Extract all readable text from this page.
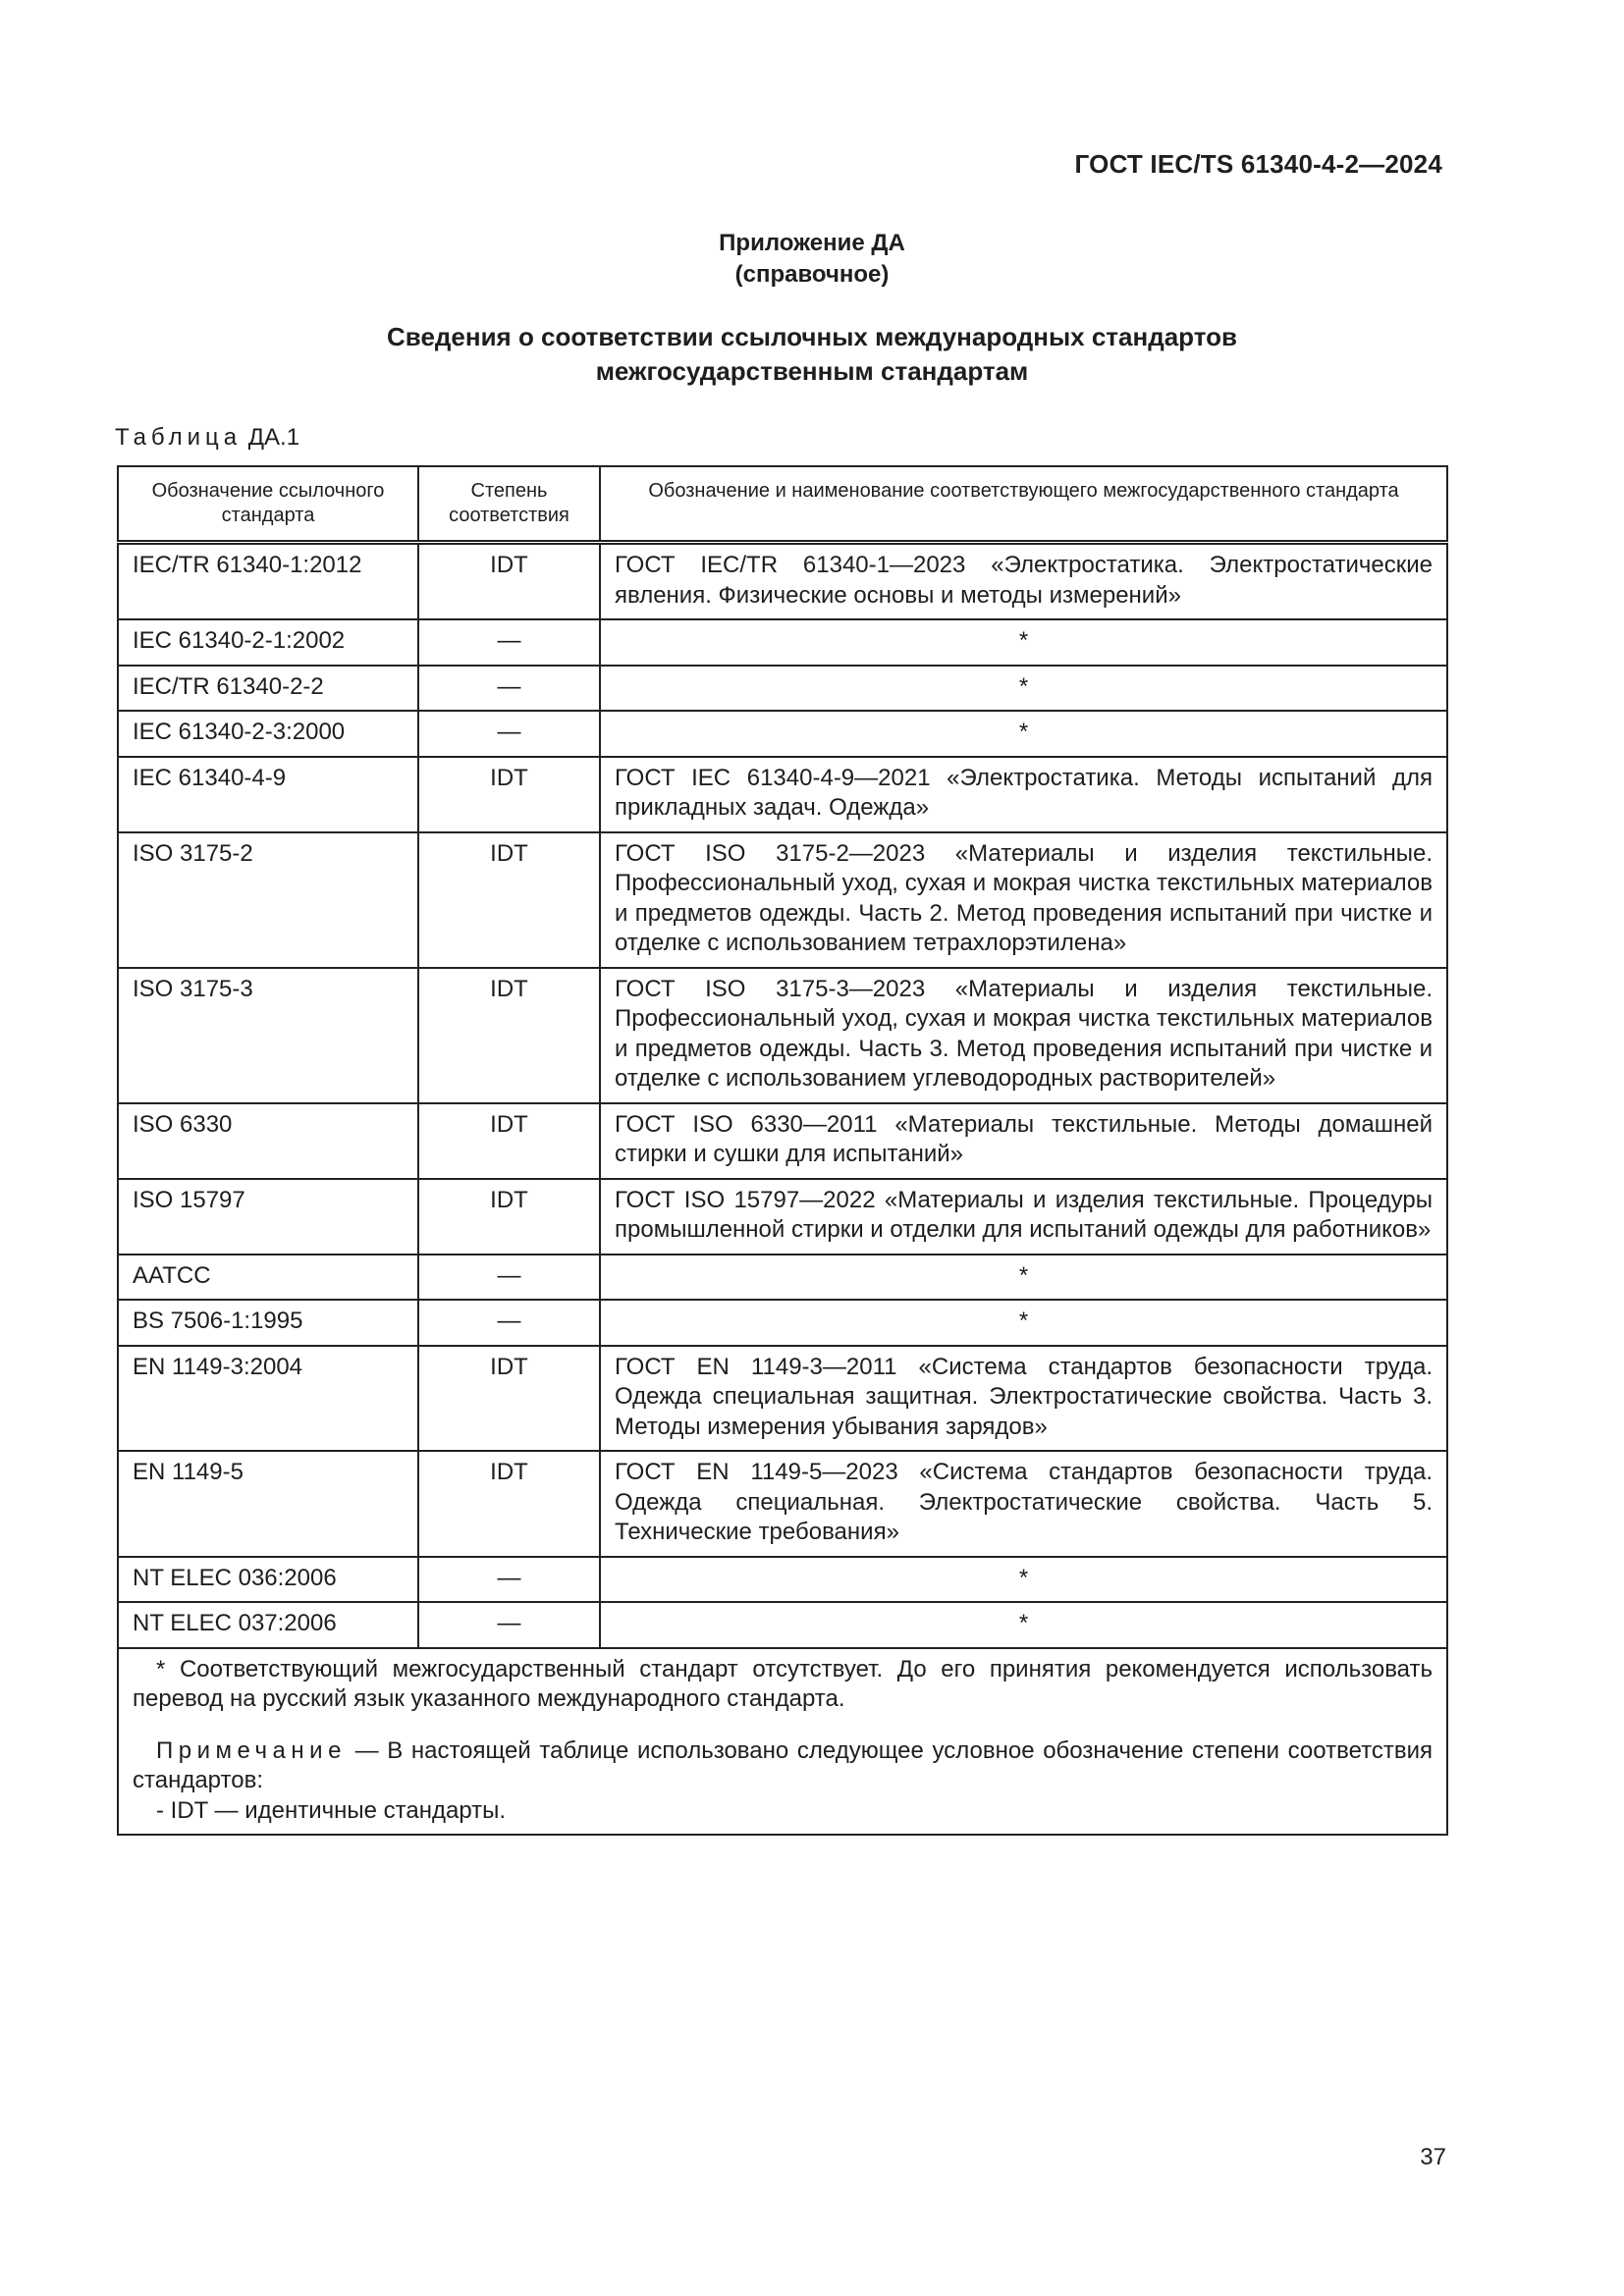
ГОСТ IEC/TS 61340-4-2—2024
Приложение ДА
(справочное)
Сведения о соответствии ссылочных международных стандартов
межгосударственным стандартам
Таблица ДА.1
Обозначение ссылочного стандарта	Степень соответствия	Обозначение и наименование соответствующего межгосударственного стандарта
IEC/TR 61340-1:2012	IDT	ГОСТ IEC/TR 61340-1—2023 «Электростатика. Электростатические явления. Физические основы и методы измерений»
IEC 61340-2-1:2002	—	*
IEC/TR 61340-2-2	—	*
IEC 61340-2-3:2000	—	*
IEC 61340-4-9	IDT	ГОСТ IEC 61340-4-9—2021 «Электростатика. Методы испытаний для прикладных задач. Одежда»
ISO 3175-2	IDT	ГОСТ ISO 3175-2—2023 «Материалы и изделия текстильные. Профессиональный уход, сухая и мокрая чистка текстильных материалов и предметов одежды. Часть 2. Метод проведения испытаний при чистке и отделке с использованием тетрахлорэтилена»
ISO 3175-3	IDT	ГОСТ ISO 3175-3—2023 «Материалы и изделия текстильные. Профессиональный уход, сухая и мокрая чистка текстильных материалов и предметов одежды. Часть 3. Метод проведения испытаний при чистке и отделке с использованием углеводородных растворителей»
ISO 6330	IDT	ГОСТ ISO 6330—2011 «Материалы текстильные. Методы домашней стирки и сушки для испытаний»
ISO 15797	IDT	ГОСТ ISO 15797—2022 «Материалы и изделия текстильные. Процедуры промышленной стирки и отделки для испытаний одежды для работников»
AATCC	—	*
BS 7506-1:1995	—	*
EN 1149-3:2004	IDT	ГОСТ EN 1149-3—2011 «Система стандартов безопасности труда. Одежда специальная защитная. Электростатические свойства. Часть 3. Методы измерения убывания зарядов»
EN 1149-5	IDT	ГОСТ EN 1149-5—2023 «Система стандартов безопасности труда. Одежда специальная. Электростатические свойства. Часть 5. Технические требования»
NT ELEC 036:2006	—	*
NT ELEC 037:2006	—	*

* Соответствующий межгосударственный стандарт отсутствует. До его принятия рекомендуется использовать перевод на русский язык указанного международного стандарта.

Примечание — В настоящей таблице использовано следующее условное обозначение степени соответствия стандартов:

- IDT — идентичные стандарты.		

37
